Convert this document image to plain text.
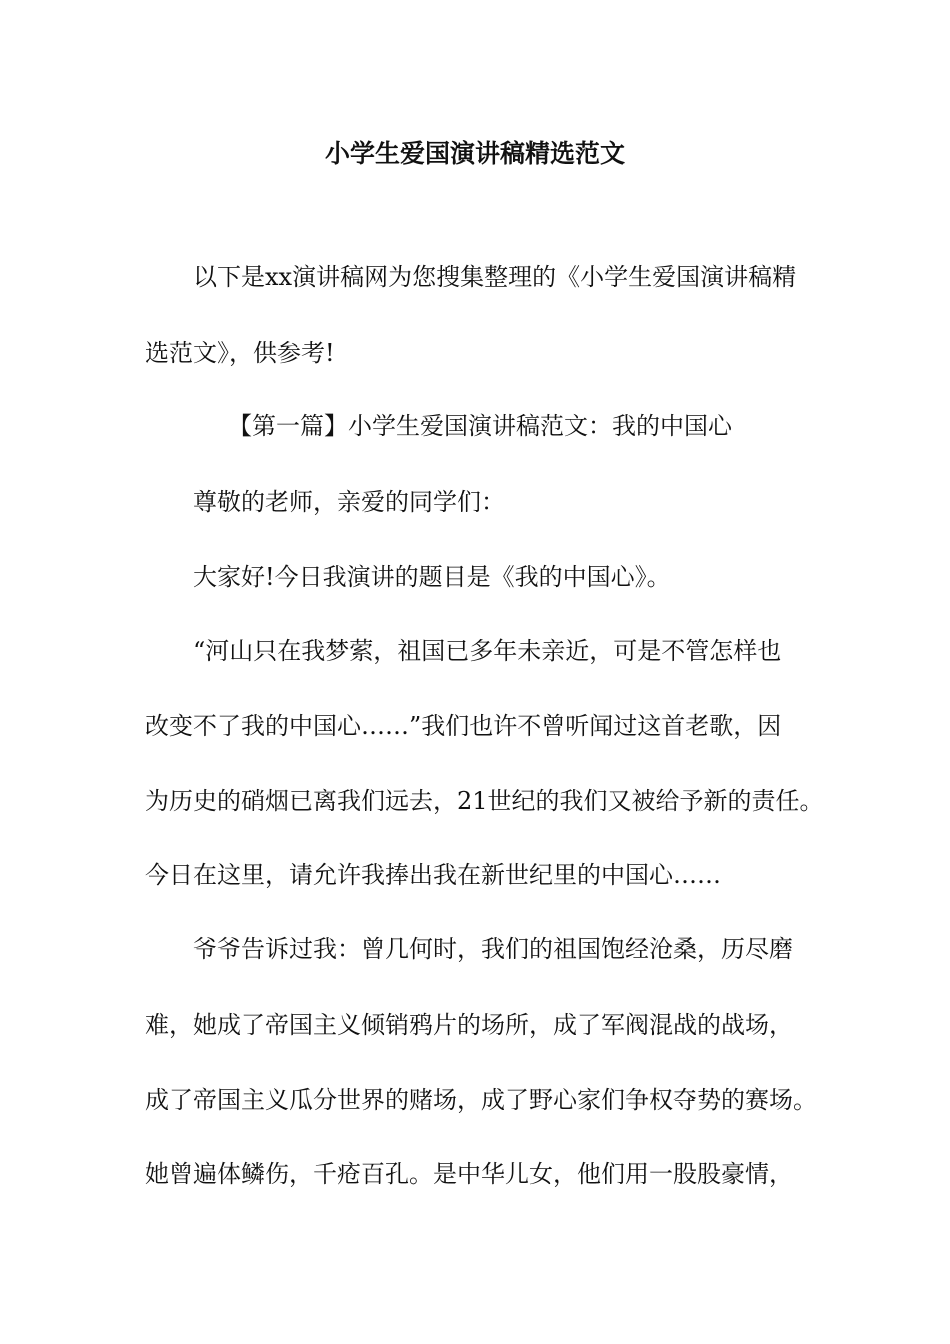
小学生爱国演讲稿精选范文
以下是xx演讲稿网为您搜集整理的《小学生爱国演讲稿精
选范文》，供参考!
【第一篇】小学生爱国演讲稿范文：我的中国心
尊敬的老师，亲爱的同学们：
大家好!今日我演讲的题目是《我的中国心》。
“河山只在我梦萦，祖国已多年未亲近，可是不管怎样也
改变不了我的中国心……”我们也许不曾听闻过这首老歌，因
为历史的硝烟已离我们远去，21世纪的我们又被给予新的责任。
今日在这里，请允许我捧出我在新世纪里的中国心……
爷爷告诉过我：曾几何时，我们的祖国饱经沧桑，历尽磨
难，她成了帝国主义倾销鸦片的场所，成了军阀混战的战场，
成了帝国主义瓜分世界的赌场，成了野心家们争权夺势的赛场。
她曾遍体鳞伤，千疮百孔。是中华儿女，他们用一股股豪情，
